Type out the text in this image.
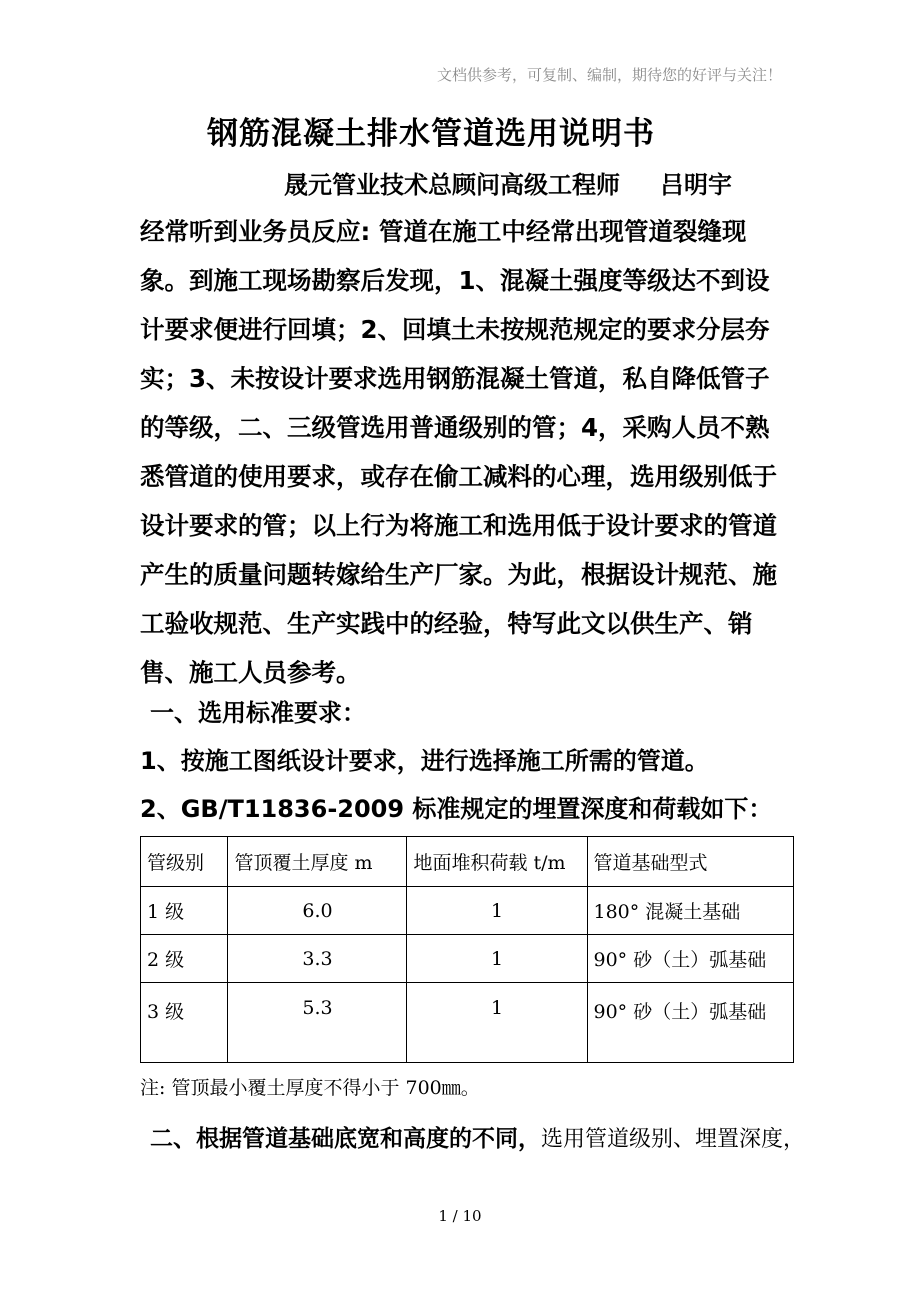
文档供参考，可复制、编制，期待您的好评与关注！
钢筋混凝土排水管道选用说明书
晟元管业技术总顾问高级工程师 吕明宇

经常听到业务员反应: 管道在施工中经常出现管道裂缝现象。到施工现场勘察后发现，1、混凝土强度等级达不到设计要求便进行回填；2、回填土未按规范规定的要求分层夯实；3、未按设计要求选用钢筋混凝土管道，私自降低管子的等级，二、三级管选用普通级别的管；4，采购人员不熟悉管道的使用要求，或存在偷工减料的心理，选用级别低于设计要求的管；以上行为将施工和选用低于设计要求的管道产生的质量问题转嫁给生产厂家。为此，根据设计规范、施工验收规范、生产实践中的经验，特写此文以供生产、销售、施工人员参考。

一、选用标准要求：
1、按施工图纸设计要求，进行选择施工所需的管道。
2、GB/T11836-2009 标准规定的埋置深度和荷载如下：
管级别	管顶覆土厚度 m	地面堆积荷载 t/m	管道基础型式
1 级	6.0	1	180° 混凝土基础
2 级	3.3	1	90° 砂（土）弧基础
3 级	5.3	1	90° 砂（土）弧基础
注: 管顶最小覆土厚度不得小于 700㎜。
二、根据管道基础底宽和高度的不同，选用管道级别、埋置深度，
1 / 10
